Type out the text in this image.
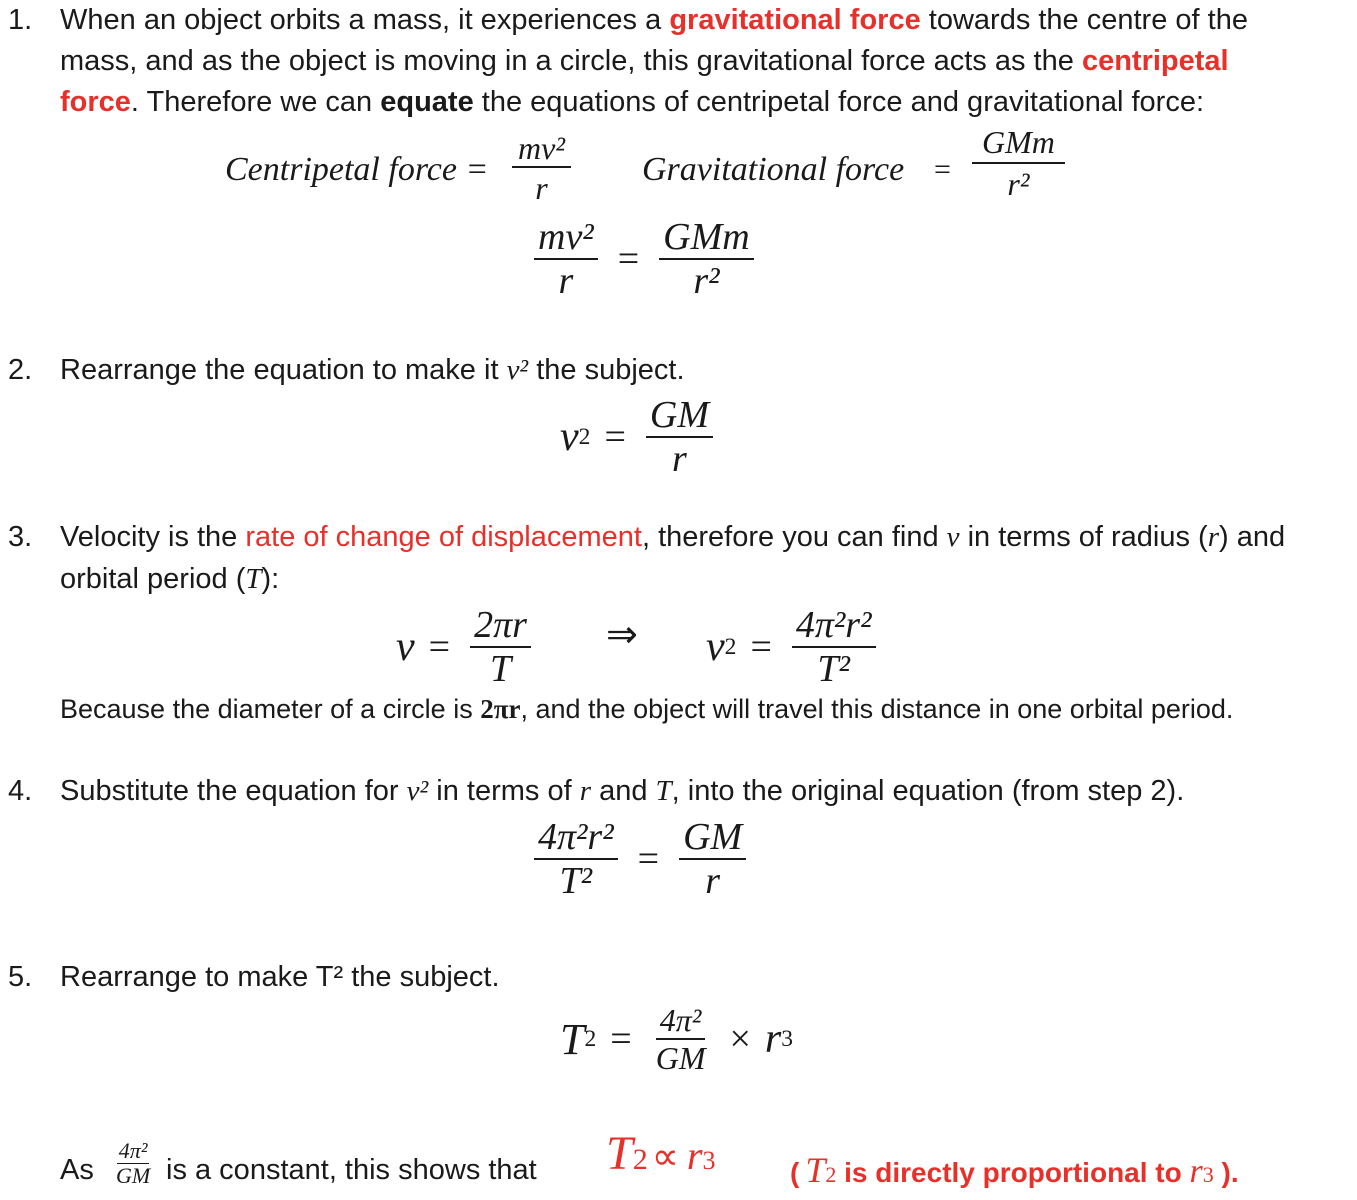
1. When an object orbits a mass, it experiences a gravitational force towards the centre of the
mass, and as the object is moving in a circle, this gravitational force acts as the centripetal
force. Therefore we can equate the equations of centripetal force and gravitational force:
Centripetal force = $\frac{\text{mv²}}{r}$ Gravitational force =
GMm
r²
$\frac{\text{mv²}}{r} = \frac{\text{GMm}}{\text{r²}}$
2. Rearrange the equation to make it v² the subject.
v $2 = \frac{GM}{r}$
3. Velocity is the rate of change of displacement, therefore you can find v in terms of radius (r) and
orbital period (T):
$v = \frac{2\pi r}{T}$ ⇒ v $2 = \frac{\text{4π²r²}}{\text{T²}}$
Because the diameter of a circle is 2πr, and the object will travel this distance in one orbital period.
4. Substitute the equation for v² in terms of r and T, into the original equation (from step 2).
$\frac{\text{4π²r²}}{\text{T²}} = \frac{GM}{r}$
5. Rearrange to make T² the subject.
T $2 = \frac{\text{4π²}}{GM} \times r$ 3
As $\frac{\text{4π²}}{GM}$ is a constant, this shows that T 2 ∝ r 3	( T 2 is directly proportional to r 3 ).
